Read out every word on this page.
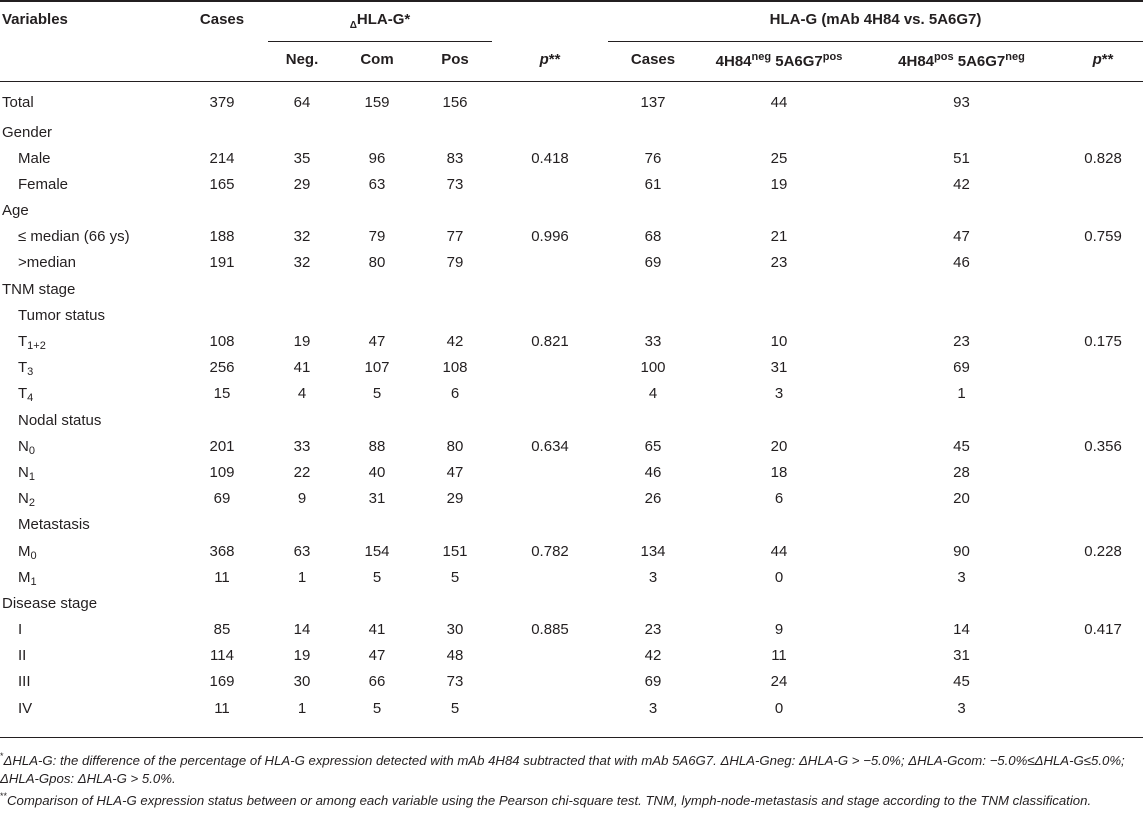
Variables	Cases	$_\Delta$HLA-G*				HLA-G (mAb 4H84 vs. 5A6G7)			
		Neg.	Com	Pos	p**	Cases	$4H84^{neg}$ $5A6G7^{pos}$	$4H84^{pos}$ $5A6G7^{neg}$	p**
Total	379	64	159	156		137	44	93	
Gender									
Male	214	35	96	83	0.418	76	25	51	0.828
Female	165	29	63	73		61	19	42	
Age									
≤ median (66 ys)	188	32	79	77	0.996	68	21	47	0.759
>median	191	32	80	79		69	23	46	
TNM stage									
Tumor status									
$T_{1+2}$	108	19	47	42	0.821	33	10	23	0.175
$T_3$	256	41	107	108		100	31	69	
$T_4$	15	4	5	6		4	3	1	
Nodal status									
$N_0$	201	33	88	80	0.634	65	20	45	0.356
$N_1$	109	22	40	47		46	18	28	
$N_2$	69	9	31	29		26	6	20	
Metastasis									
$M_0$	368	63	154	151	0.782	134	44	90	0.228
$M_1$	11	1	5	5		3	0	3	
Disease stage									
I	85	14	41	30	0.885	23	9	14	0.417
II	114	19	47	48		42	11	31	
III	169	30	66	73		69	24	45	
IV	11	1	5	5		3	0	3	
*ΔHLA-G: the difference of the percentage of HLA-G expression detected with mAb 4H84 subtracted that with mAb 5A6G7. ΔHLA-Gneg: ΔHLA-G > −5.0%; ΔHLA-Gcom: −5.0%≤ΔHLA-G≤5.0%; ΔHLA-Gpos: ΔHLA-G > 5.0%.
**Comparison of HLA-G expression status between or among each variable using the Pearson chi-square test. TNM, lymph-node-metastasis and stage according to the TNM classification.
